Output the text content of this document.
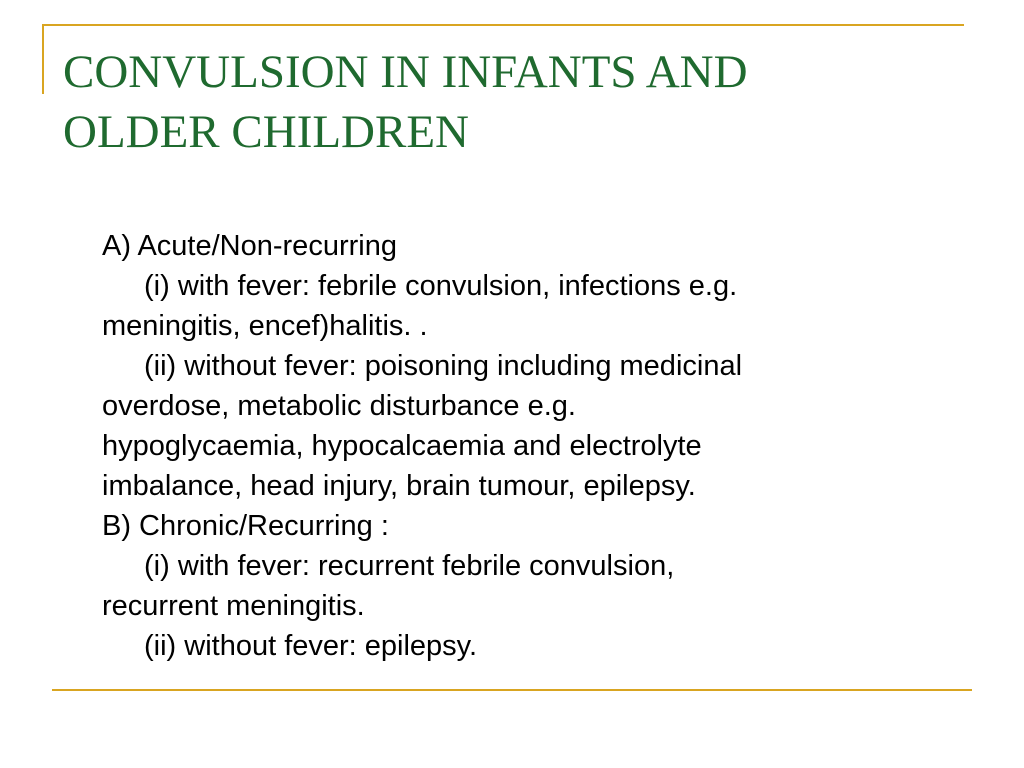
CONVULSION IN INFANTS AND
OLDER CHILDREN

A) Acute/Non-recurring

(i) with fever: febrile convulsion, infections e.g.

meningitis, encef)halitis. .

(ii) without fever: poisoning including medicinal

overdose, metabolic disturbance e.g.

hypoglycaemia, hypocalcaemia and electrolyte

imbalance, head injury, brain tumour, epilepsy.

B) Chronic/Recurring :

(i) with fever: recurrent febrile convulsion,

recurrent meningitis.

(ii) without fever: epilepsy.
